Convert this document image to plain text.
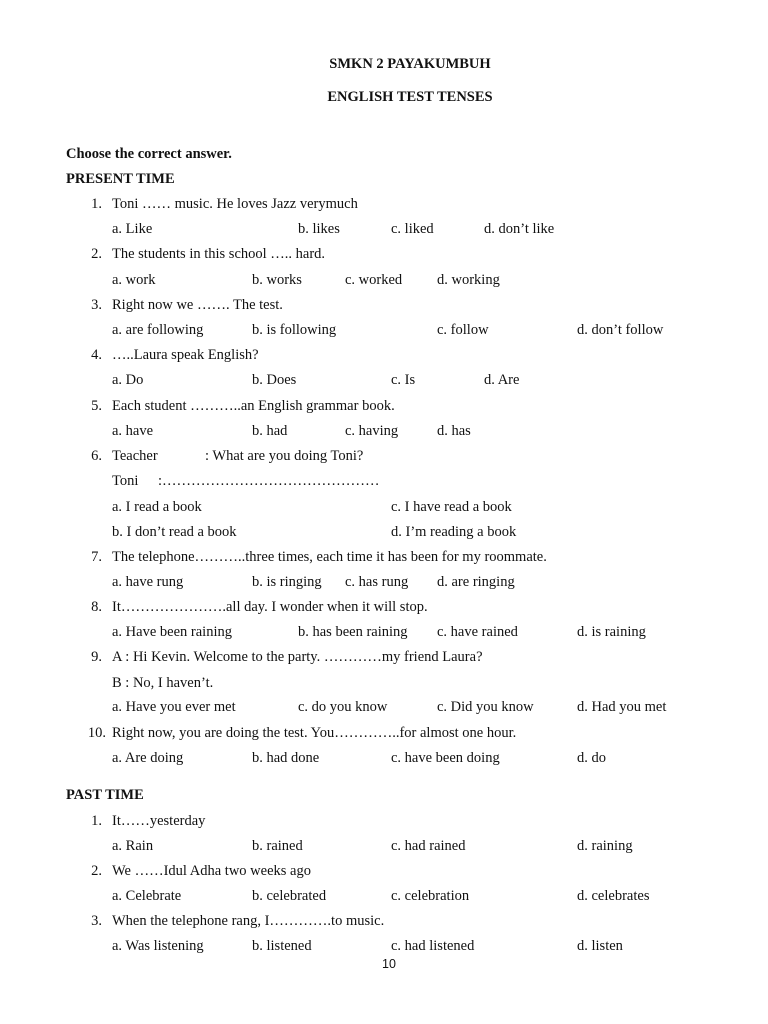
SMKN 2 PAYAKUMBUH
ENGLISH TEST TENSES
Choose the correct answer.
PRESENT TIME
1. Toni …… music. He loves Jazz verymuch
a. Like	b. likes	c. liked	d. don’t like
2. The students in this school ….. hard.
a. work	b. works	c. worked d. working
3. Right now we ……. The test.
a. are following	b. is following	c. follow	d. don’t follow
4. …..Laura speak English?
a. Do	b. Does	c. Is	d. Are
5. Each student ………..an English grammar book.
a. have	b. had	c. having	d. has
6. Teacher	: What are you doing Toni?
Toni :………………………………………
a. I read a book	c. I have read a book
b. I don’t read a book	d. I’m reading a book
7. The telephone………..three times, each time it has been for my roommate.
a. have rung	b. is ringing c. has rung d. are ringing
8. It………………….all day. I wonder when it will stop.
a. Have been raining	b. has been raining c. have rained	d. is raining
9. A : Hi Kevin. Welcome to the party. …………my friend Laura?
B : No, I haven’t.
a. Have you ever met	c. do you know	c. Did you know	d. Had you met
10. Right now, you are doing the test. You…………..for almost one hour.
a. Are doing	b. had done	c. have been doing	d. do
PAST TIME
1. It……yesterday
a. Rain	b. rained	c. had rained	d. raining
2. We ……Idul Adha two weeks ago
a. Celebrate	b. celebrated	c. celebration	d. celebrates
3. When the telephone rang, I………….to music.
a. Was listening	b. listened	c. had listened	d. listen
10
